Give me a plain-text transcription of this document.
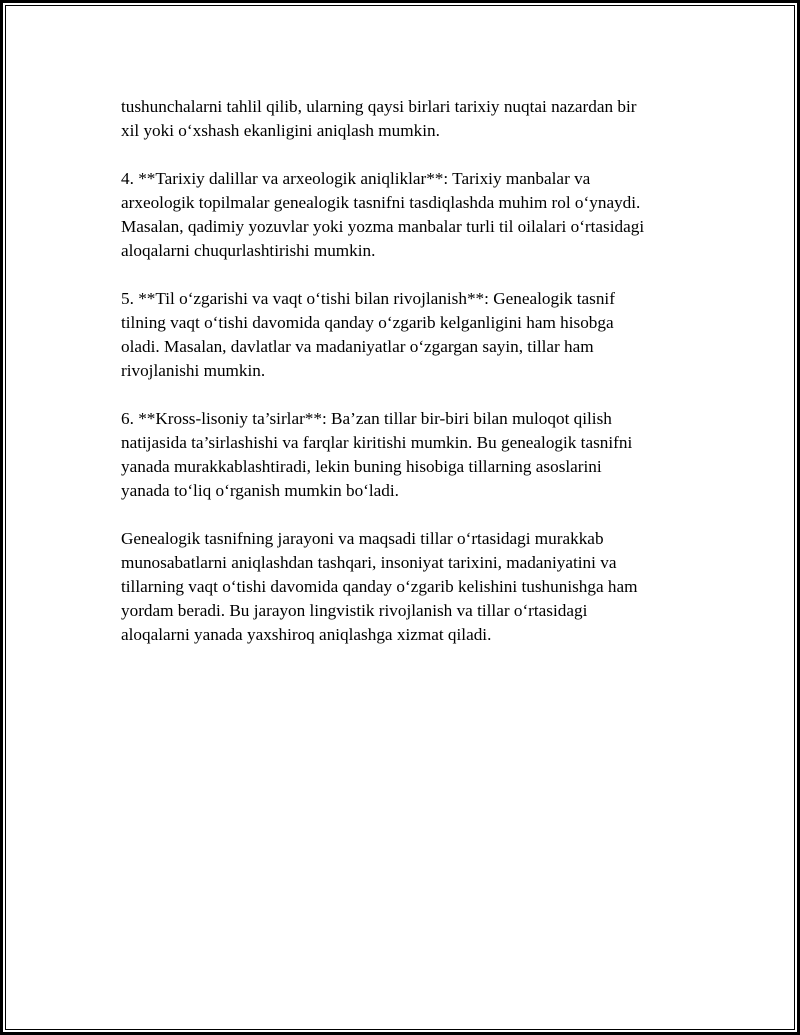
tushunchalarni tahlil qilib, ularning qaysi birlari tarixiy nuqtai nazardan bir
xil yoki o‘xshash ekanligini aniqlash mumkin.

4. **Tarixiy dalillar va arxeologik aniqliklar**: Tarixiy manbalar va
arxeologik topilmalar genealogik tasnifni tasdiqlashda muhim rol o‘ynaydi.
Masalan, qadimiy yozuvlar yoki yozma manbalar turli til oilalari o‘rtasidagi
aloqalarni chuqurlashtirishi mumkin.

5. **Til o‘zgarishi va vaqt o‘tishi bilan rivojlanish**: Genealogik tasnif
tilning vaqt o‘tishi davomida qanday o‘zgarib kelganligini ham hisobga
oladi. Masalan, davlatlar va madaniyatlar o‘zgargan sayin, tillar ham
rivojlanishi mumkin.

6. **Kross-lisoniy ta’sirlar**: Ba’zan tillar bir-biri bilan muloqot qilish
natijasida ta’sirlashishi va farqlar kiritishi mumkin. Bu genealogik tasnifni
yanada murakkablashtiradi, lekin buning hisobiga tillarning asoslarini
yanada to‘liq o‘rganish mumkin bo‘ladi.

Genealogik tasnifning jarayoni va maqsadi tillar o‘rtasidagi murakkab
munosabatlarni aniqlashdan tashqari, insoniyat tarixini, madaniyatini va
tillarning vaqt o‘tishi davomida qanday o‘zgarib kelishini tushunishga ham
yordam beradi. Bu jarayon lingvistik rivojlanish va tillar o‘rtasidagi
aloqalarni yanada yaxshiroq aniqlashga xizmat qiladi.
